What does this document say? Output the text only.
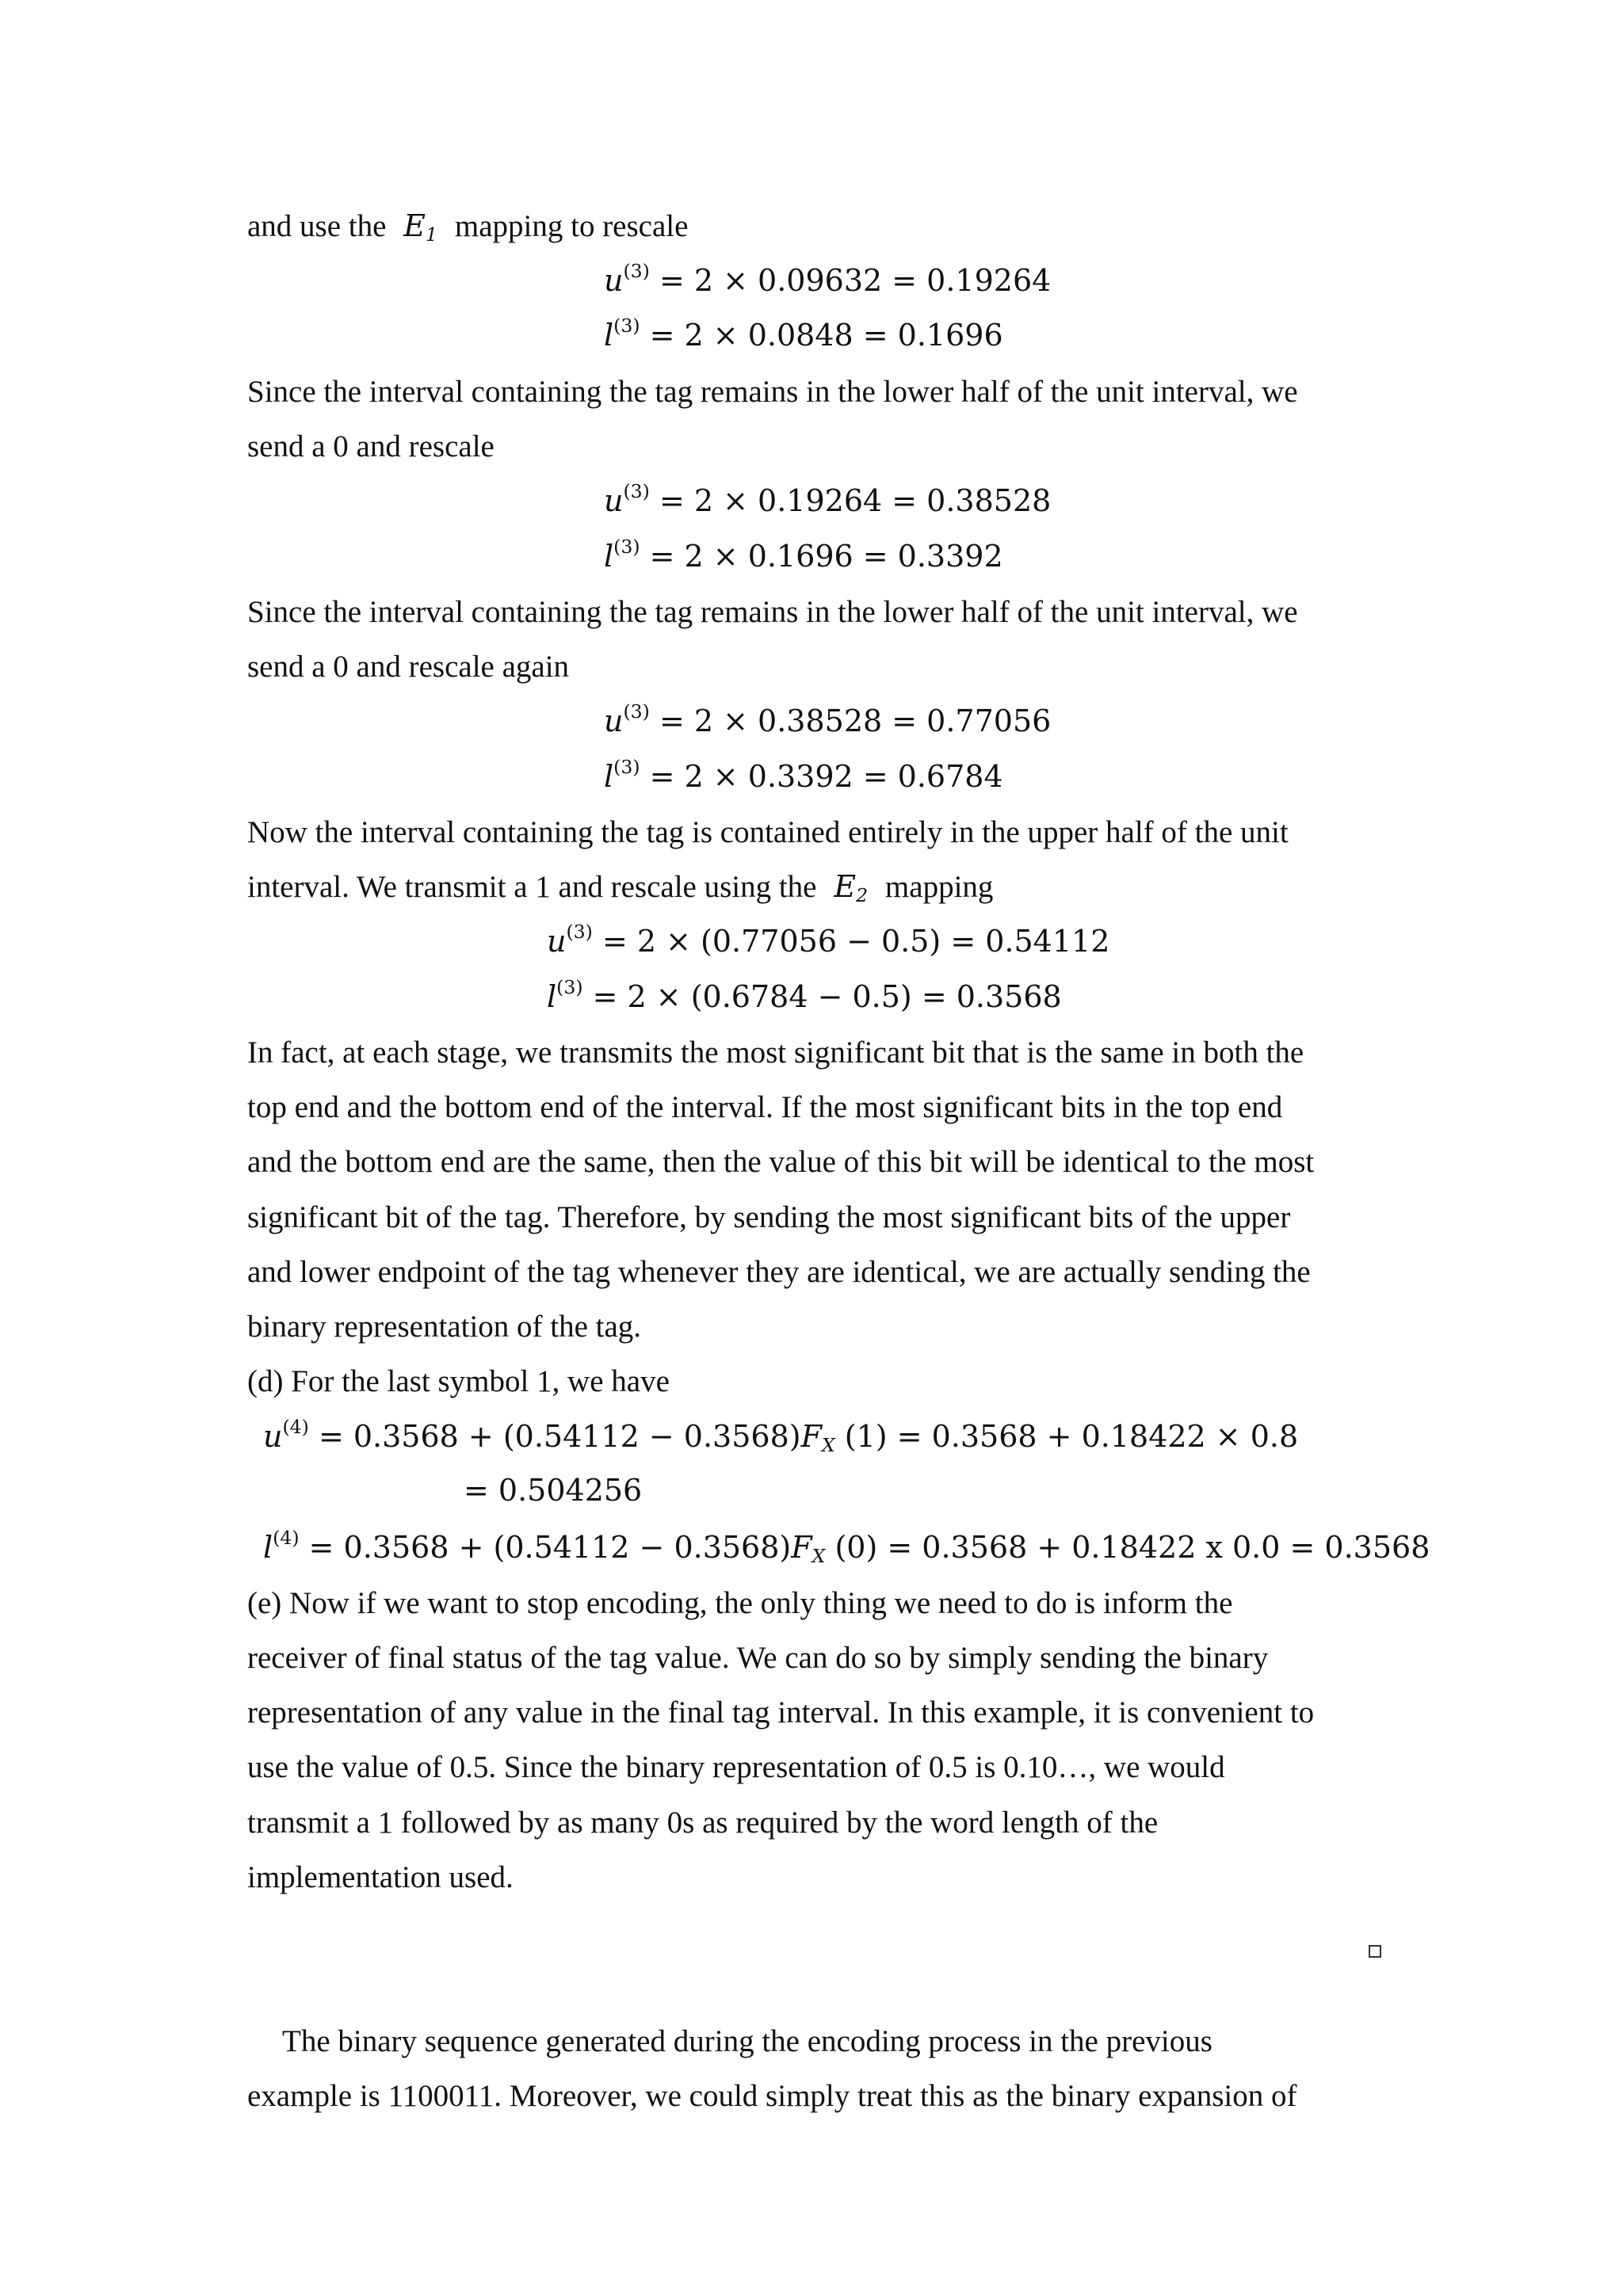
and use the $E_1$ mapping to rescale
$u^{(3)} = 2 \times 0.09632 = 0.19264$
$l^{(3)} = 2 \times 0.0848 = 0.1696$
Since the interval containing the tag remains in the lower half of the unit interval, we
send a 0 and rescale
$u^{(3)} = 2 \times 0.19264 = 0.38528$
$l^{(3)} = 2 \times 0.1696 = 0.3392$
Since the interval containing the tag remains in the lower half of the unit interval, we
send a 0 and rescale again
$u^{(3)} = 2 \times 0.38528 = 0.77056$
$l^{(3)} = 2 \times 0.3392 = 0.6784$
Now the interval containing the tag is contained entirely in the upper half of the unit
interval. We transmit a 1 and rescale using the $E_2$ mapping
$u^{(3)} = 2 \times (0.77056 - 0.5) = 0.54112$
$l^{(3)} = 2 \times (0.6784 - 0.5) = 0.3568$
In fact, at each stage, we transmits the most significant bit that is the same in both the
top end and the bottom end of the interval. If the most significant bits in the top end
and the bottom end are the same, then the value of this bit will be identical to the most
significant bit of the tag. Therefore, by sending the most significant bits of the upper
and lower endpoint of the tag whenever they are identical, we are actually sending the
binary representation of the tag.
(d) For the last symbol 1, we have
$u^{(4)} = 0.3568 + (0.54112 - 0.3568)F_X$ (1) = 0.3568 + 0.18422 × 0.8
= 0.504256
$l^{(4)} = 0.3568 + (0.54112 - 0.3568)F_X$ (0) = 0.3568 + 0.18422 x 0.0 = 0.3568
(e) Now if we want to stop encoding, the only thing we need to do is inform the
receiver of final status of the tag value. We can do so by simply sending the binary
representation of any value in the final tag interval. In this example, it is convenient to
use the value of 0.5. Since the binary representation of 0.5 is 0.10…, we would
transmit a 1 followed by as many 0s as required by the word length of the
implementation used.
The binary sequence generated during the encoding process in the previous
example is 1100011. Moreover, we could simply treat this as the binary expansion of
